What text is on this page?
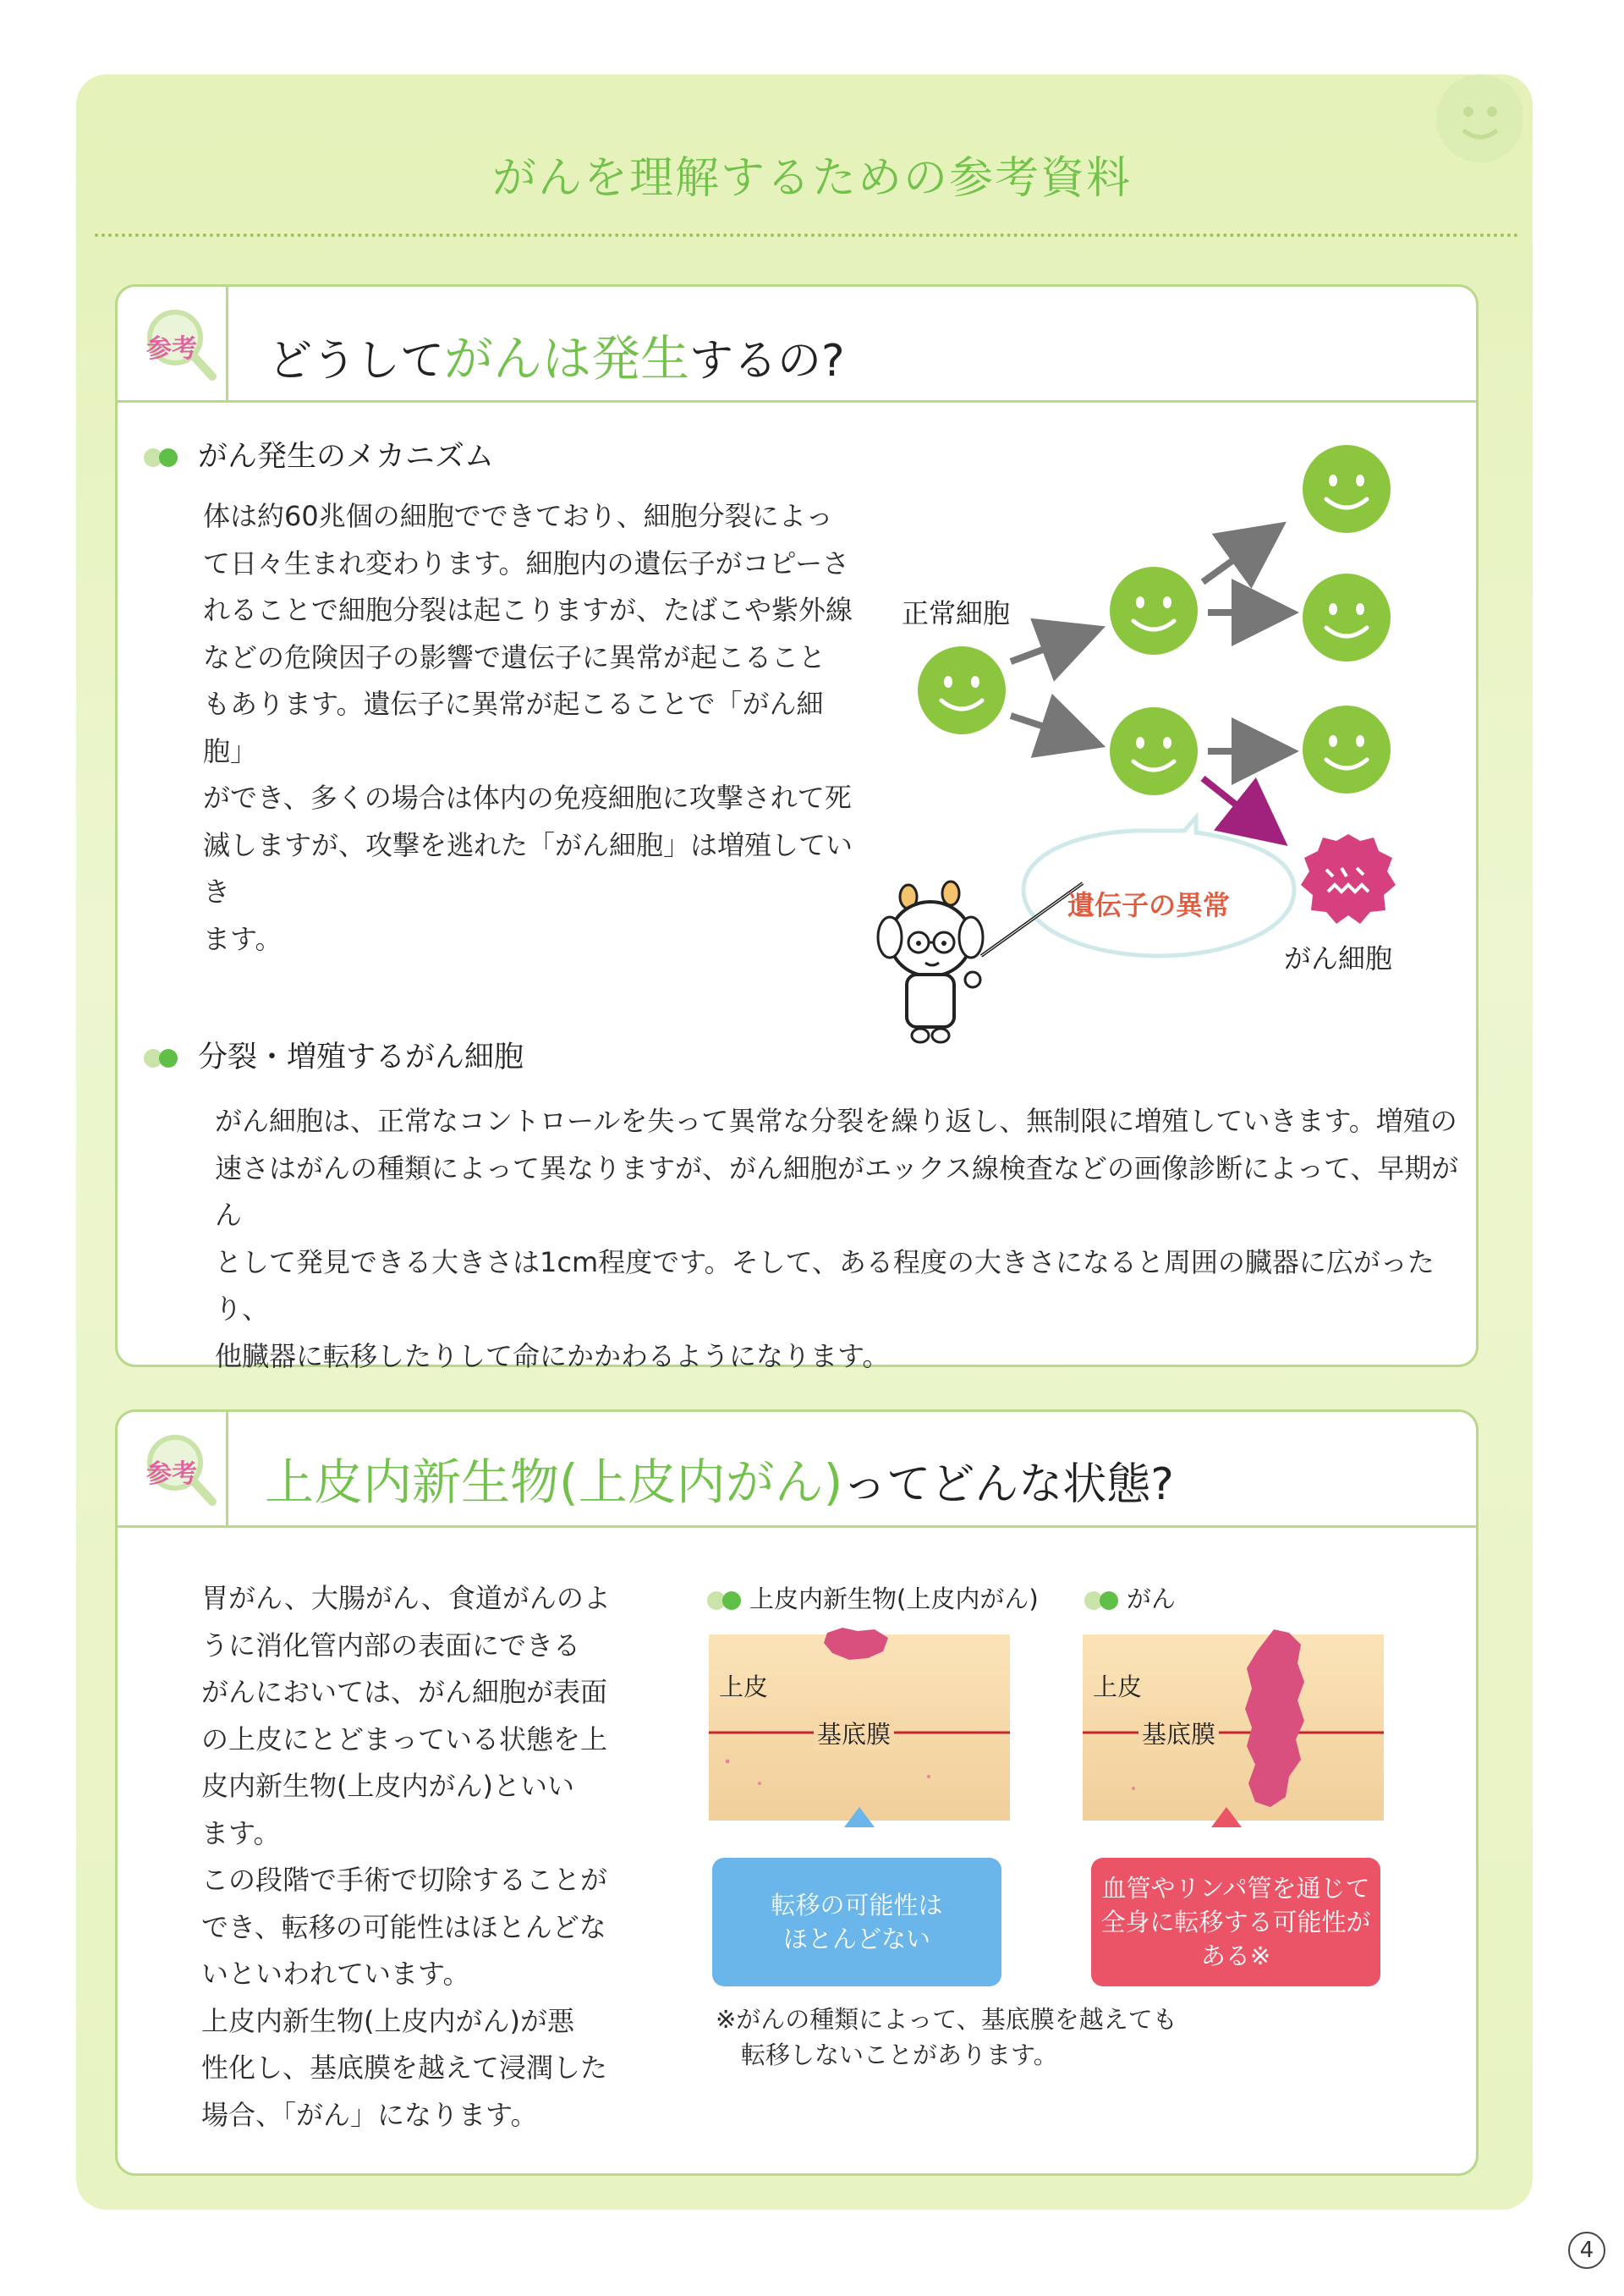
がんを理解するための参考資料
参考 どうしてがんは発生するの?
がん発生のメカニズム

体は約60兆個の細胞でできており、細胞分裂によっ

て日々生まれ変わります。細胞内の遺伝子がコピーさ

れることで細胞分裂は起こりますが、たばこや紫外線

などの危険因子の影響で遺伝子に異常が起こること

もあります。遺伝子に異常が起こることで「がん細胞」

ができ、多くの場合は体内の免疫細胞に攻撃されて死

滅しますが、攻撃を逃れた「がん細胞」は増殖していき

ます。

正常細胞
遺伝子の異常
がん細胞
分裂・増殖するがん細胞

がん細胞は、正常なコントロールを失って異常な分裂を繰り返し、無制限に増殖していきます。増殖の

速さはがんの種類によって異なりますが、がん細胞がエックス線検査などの画像診断によって、早期がん

として発見できる大きさは1cm程度です。そして、ある程度の大きさになると周囲の臓器に広がったり、

他臓器に転移したりして命にかかわるようになります。

参考 上皮内新生物(上皮内がん)ってどんな状態?

胃がん、大腸がん、食道がんのよ

うに消化管内部の表面にできる

がんにおいては、がん細胞が表面

の上皮にとどまっている状態を上

皮内新生物(上皮内がん)といい

ます。

この段階で手術で切除することが

でき、転移の可能性はほとんどな

いといわれています。

上皮内新生物(上皮内がん)が悪

性化し、基底膜を越えて浸潤した

場合、「がん」になります。

上皮内新生物(上皮内がん)	がん
上皮
基底膜
上皮
基底膜
転移の可能性は
ほとんどない
血管やリンパ管を通じて
全身に転移する可能性が
ある※

※がんの種類によって、基底膜を越えても

転移しないことがあります。

4
